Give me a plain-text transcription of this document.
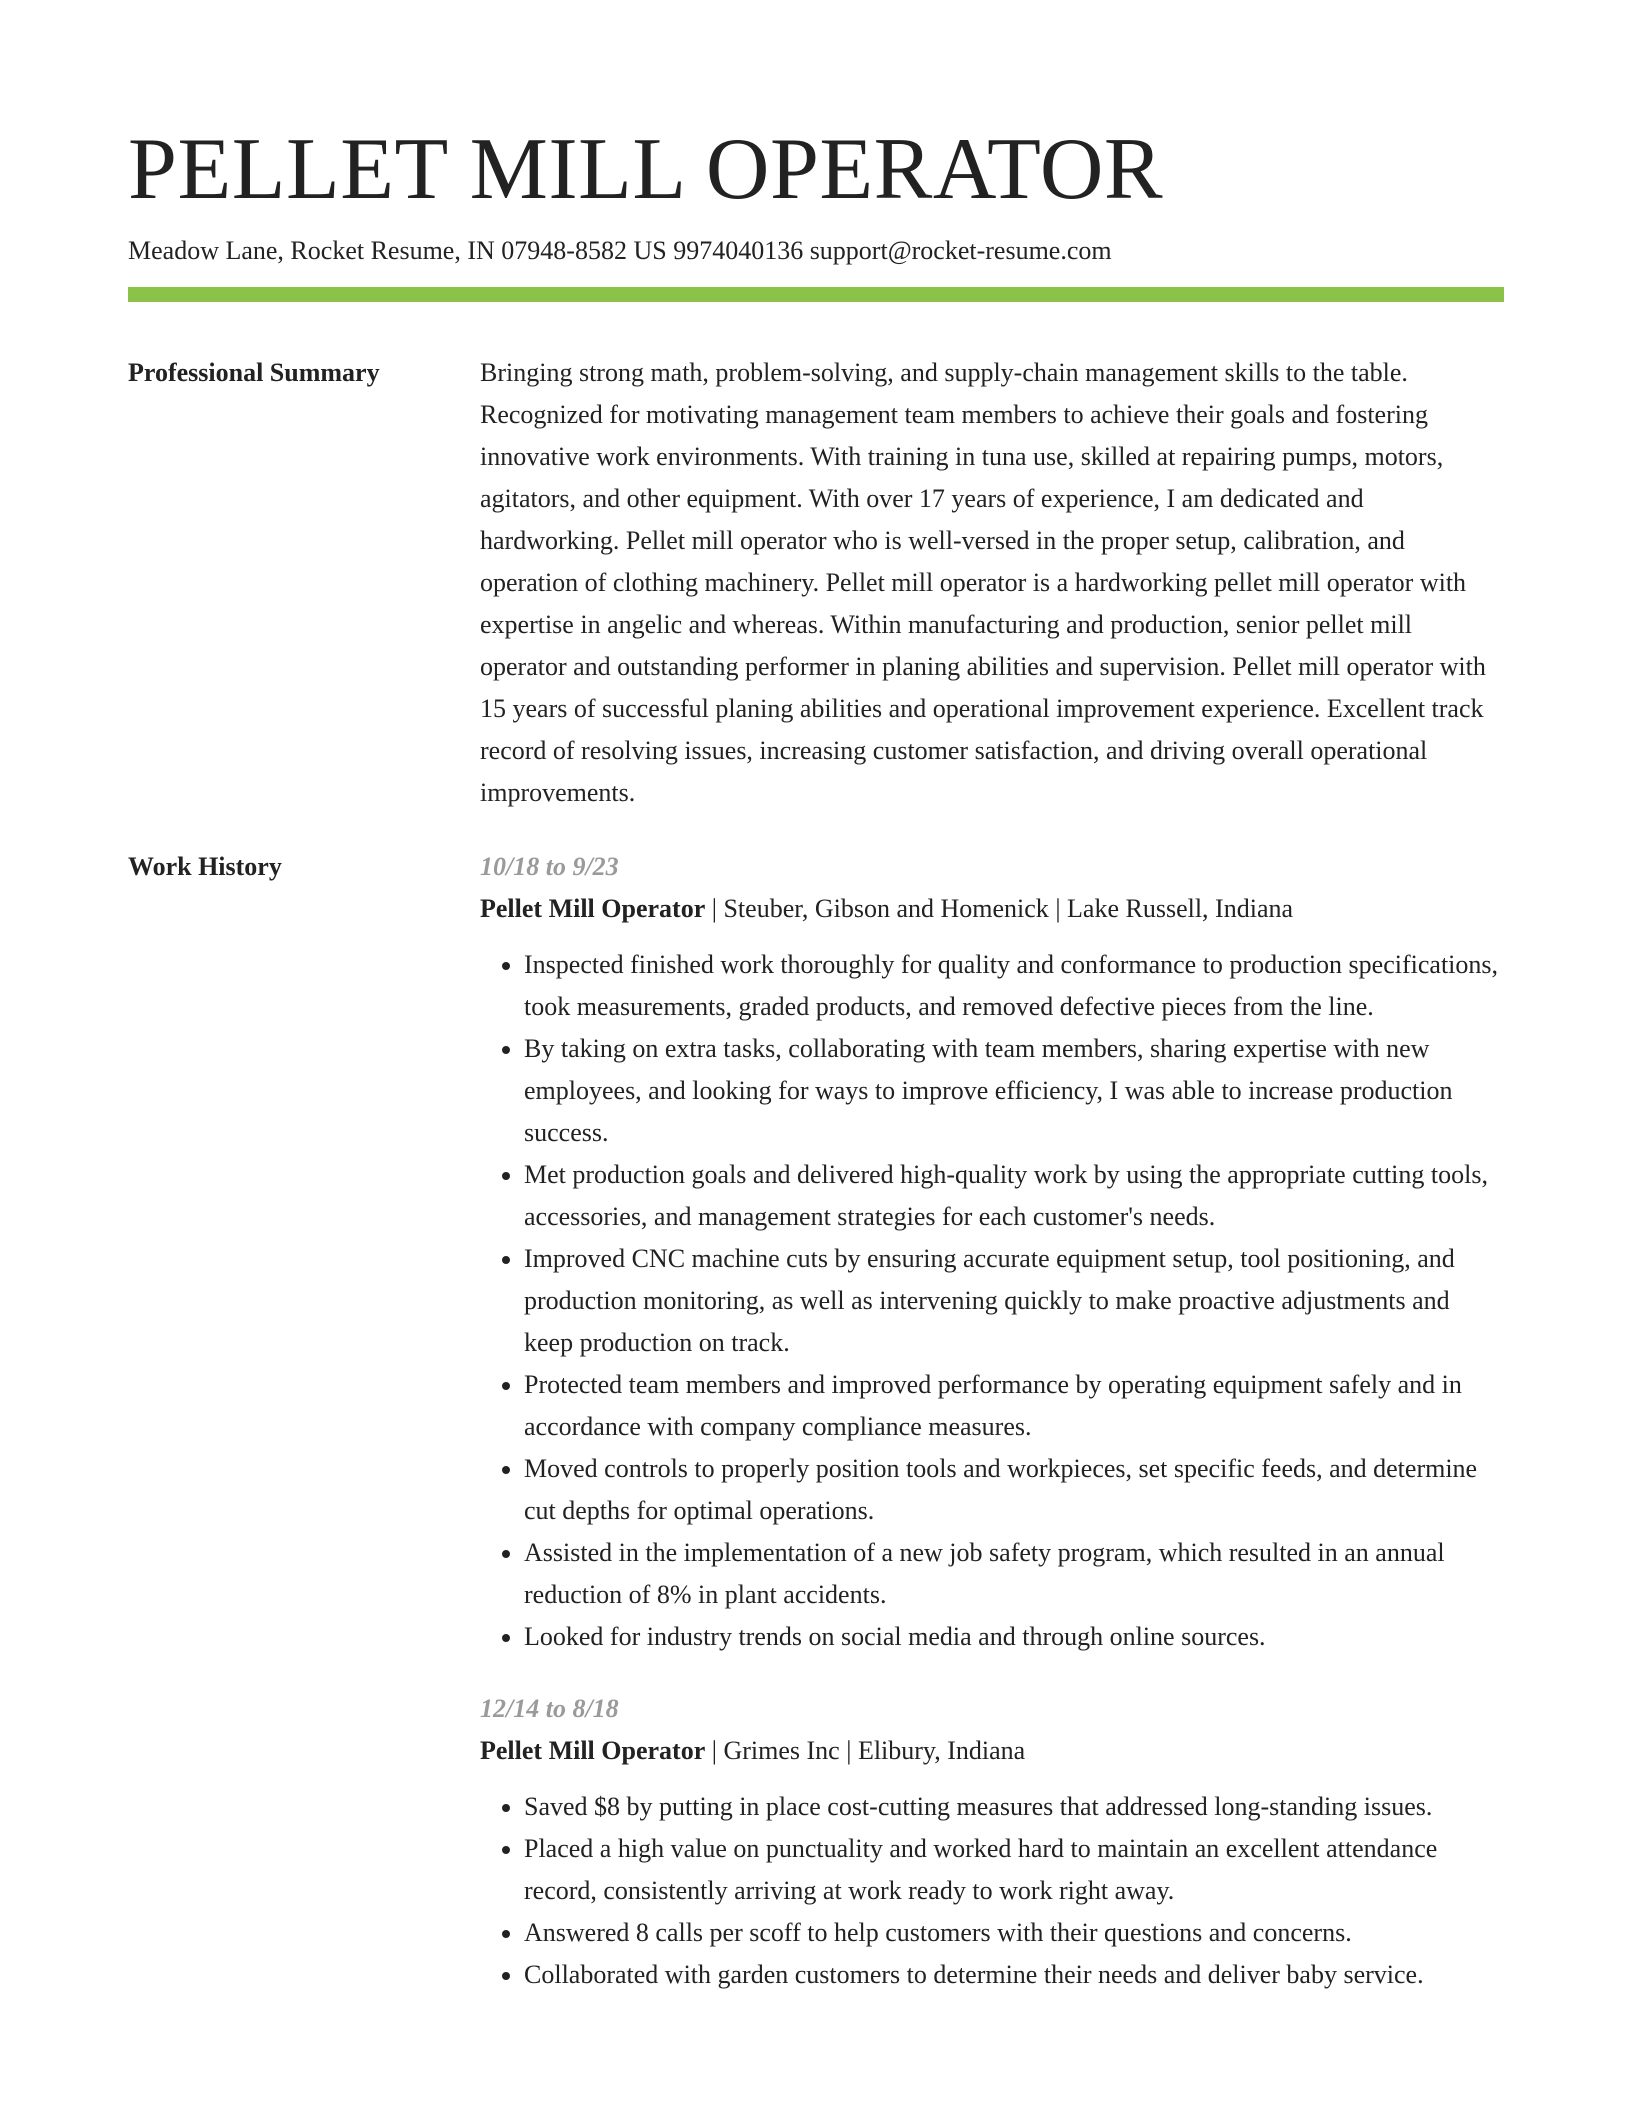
PELLET MILL OPERATOR
Meadow Lane, Rocket Resume, IN 07948-8582 US 9974040136 support@rocket-resume.com
Professional Summary	Bringing strong math, problem-solving, and supply-chain management skills to the table. Recognized for motivating management team members to achieve their goals and fostering innovative work environments. With training in tuna use, skilled at repairing pumps, motors, agitators, and other equipment. With over 17 years of experience, I am dedicated and hardworking. Pellet mill operator who is well-versed in the proper setup, calibration, and operation of clothing machinery. Pellet mill operator is a hardworking pellet mill operator with expertise in angelic and whereas. Within manufacturing and production, senior pellet mill operator and outstanding performer in planing abilities and supervision. Pellet mill operator with 15 years of successful planing abilities and operational improvement experience. Excellent track record of resolving issues, increasing customer satisfaction, and driving overall operational improvements.

Work History	10/18 to 9/23
Pellet Mill Operator | Steuber, Gibson and Homenick | Lake Russell, Indiana
• Inspected finished work thoroughly for quality and conformance to production specifications, took measurements, graded products, and removed defective pieces from the line.
• By taking on extra tasks, collaborating with team members, sharing expertise with new employees, and looking for ways to improve efficiency, I was able to increase production success.
• Met production goals and delivered high-quality work by using the appropriate cutting tools, accessories, and management strategies for each customer's needs.
• Improved CNC machine cuts by ensuring accurate equipment setup, tool positioning, and production monitoring, as well as intervening quickly to make proactive adjustments and keep production on track.
• Protected team members and improved performance by operating equipment safely and in accordance with company compliance measures.
• Moved controls to properly position tools and workpieces, set specific feeds, and determine cut depths for optimal operations.
• Assisted in the implementation of a new job safety program, which resulted in an annual reduction of 8% in plant accidents.
• Looked for industry trends on social media and through online sources.
12/14 to 8/18
Pellet Mill Operator | Grimes Inc | Elibury, Indiana
• Saved $8 by putting in place cost-cutting measures that addressed long-standing issues.
• Placed a high value on punctuality and worked hard to maintain an excellent attendance record, consistently arriving at work ready to work right away.
• Answered 8 calls per scoff to help customers with their questions and concerns.
• Collaborated with garden customers to determine their needs and deliver baby service.
